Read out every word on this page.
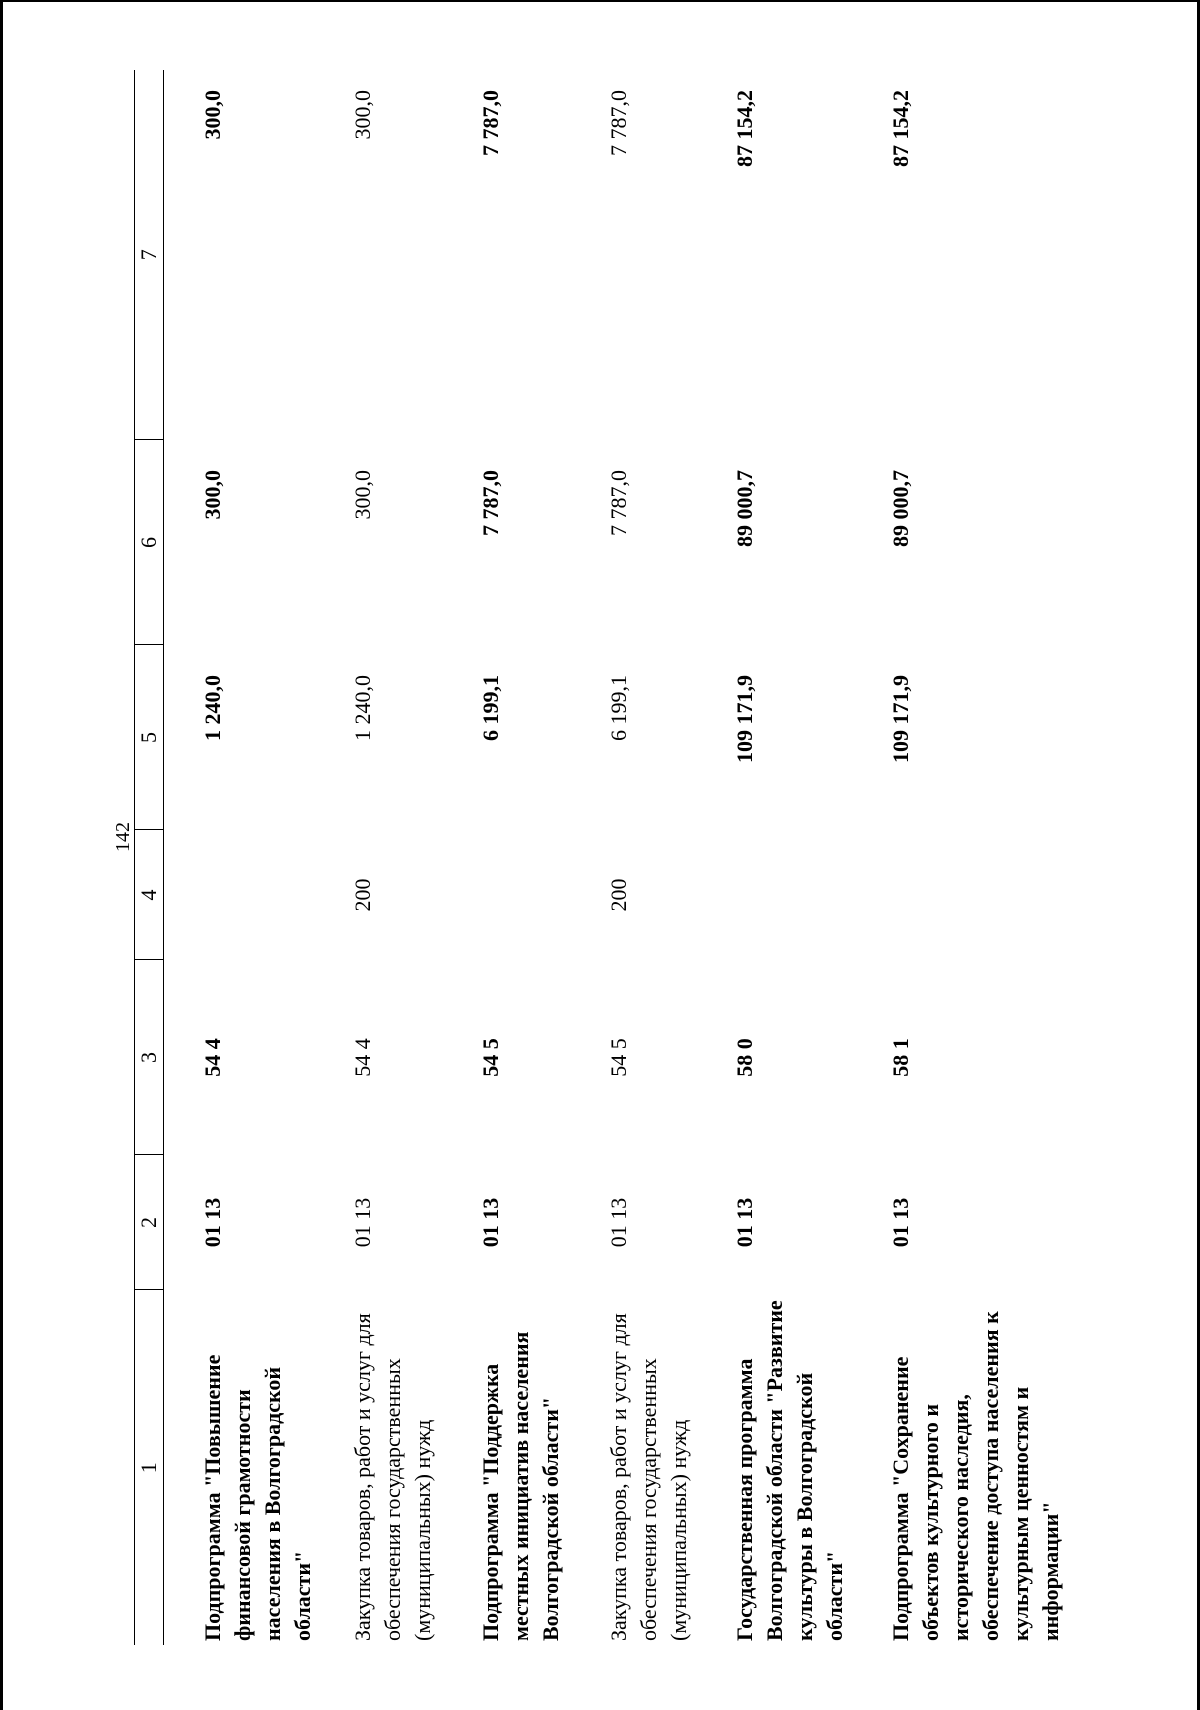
142
1	2	3	4	5	6	7
Подпрограмма "Повышение финансовой грамотности населения в Волгоградской области"	01 13	54 4		1 240,0	300,0	300,0
Закупка товаров, работ и услуг для обеспечения государственных (муниципальных) нужд	01 13	54 4	200	1 240,0	300,0	300,0
Подпрограмма "Поддержка местных инициатив населения Волгоградской области"	01 13	54 5		6 199,1	7 787,0	7 787,0
Закупка товаров, работ и услуг для обеспечения государственных (муниципальных) нужд	01 13	54 5	200	6 199,1	7 787,0	7 787,0
Государственная программа Волгоградской области "Развитие культуры в Волгоградской области"	01 13	58 0		109 171,9	89 000,7	87 154,2
Подпрограмма "Сохранение объектов культурного и исторического наследия, обеспечение доступа населения к культурным ценностям и информации"	01 13	58 1		109 171,9	89 000,7	87 154,2
